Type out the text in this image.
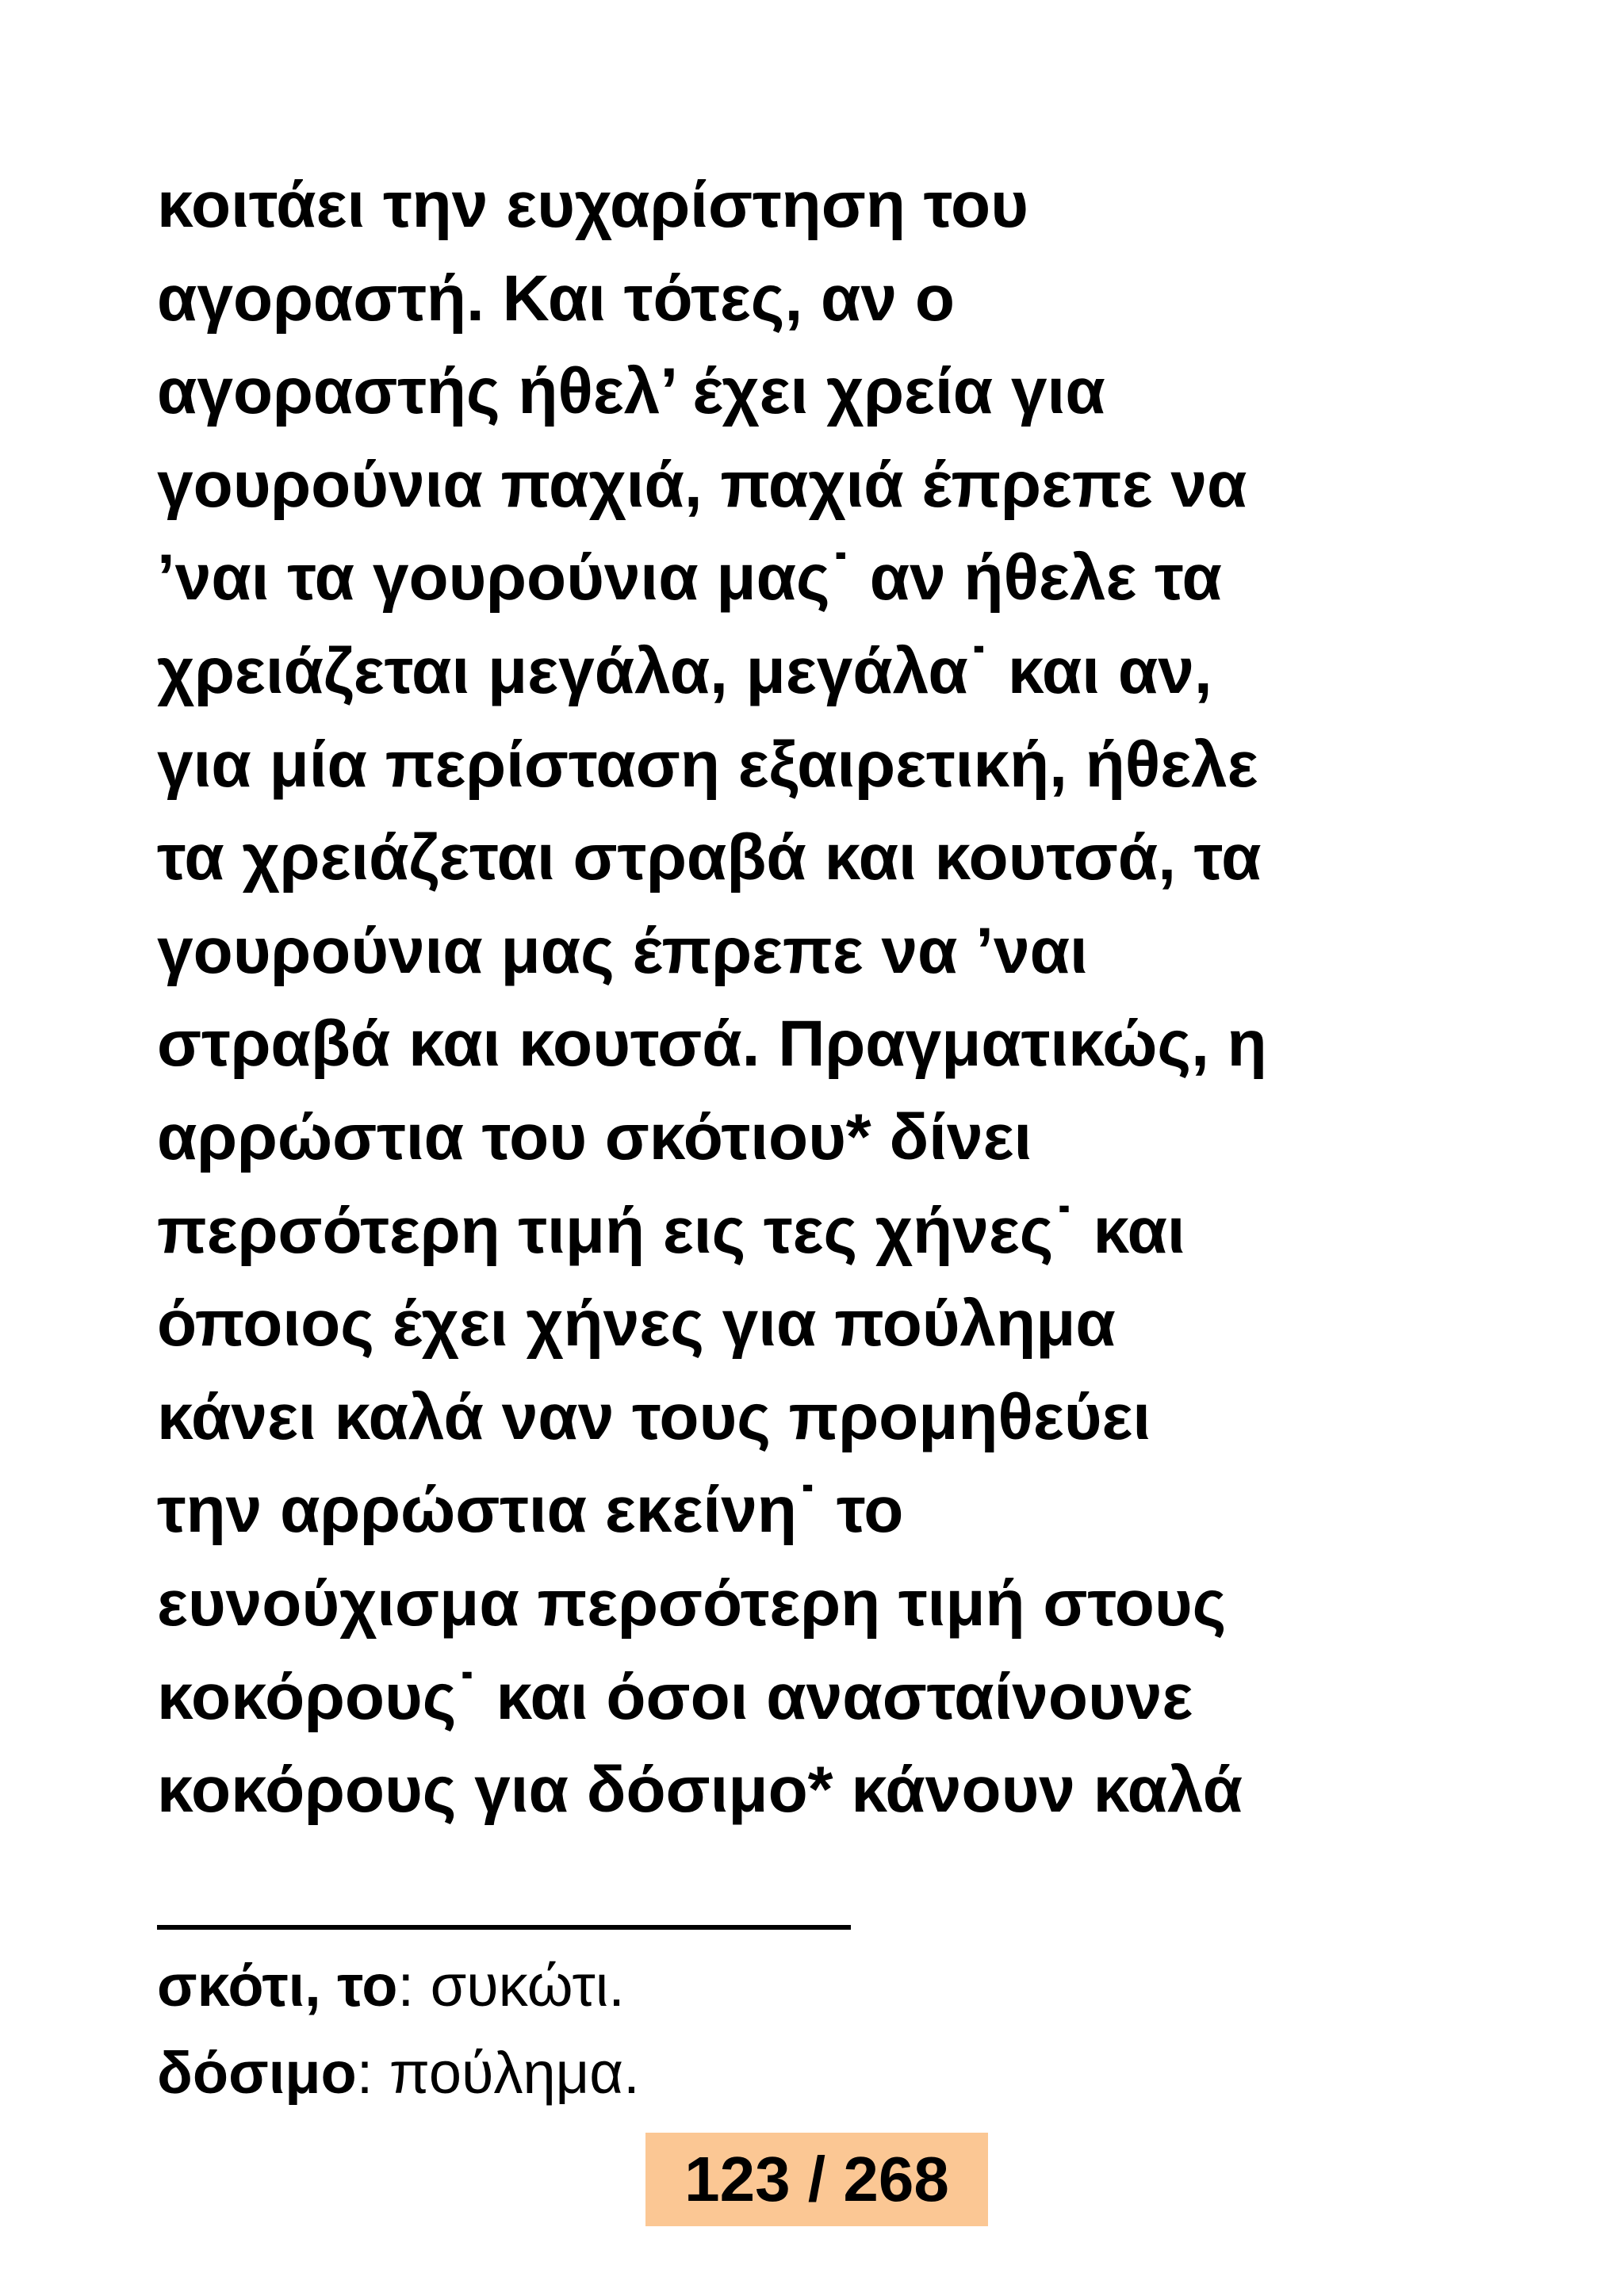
κοιτάει την ευχαρίστηση του
αγοραστή. Και τότες, αν ο
αγοραστής ήθελ’ έχει χρεία για
γουρούνια παχιά, παχιά έπρεπε να
’ναι τα γουρούνια μας˙ αν ήθελε τα
χρειάζεται μεγάλα, μεγάλα˙ και αν,
για μία περίσταση εξαιρετική, ήθελε
τα χρειάζεται στραβά και κουτσά, τα
γουρούνια μας έπρεπε να ’ναι
στραβά και κουτσά. Πραγματικώς, η
αρρώστια του σκότιου* δίνει
περσότερη τιμή εις τες χήνες˙ και
όποιος έχει χήνες για πούλημα
κάνει καλά ναν τους προμηθεύει
την αρρώστια εκείνη˙ το
ευνούχισμα περσότερη τιμή στους
κοκόρους˙ και όσοι ανασταίνουνε
κοκόρους για δόσιμο* κάνουν καλά
σκότι, το: συκώτι.
δόσιμο: πούλημα.
123 / 268
